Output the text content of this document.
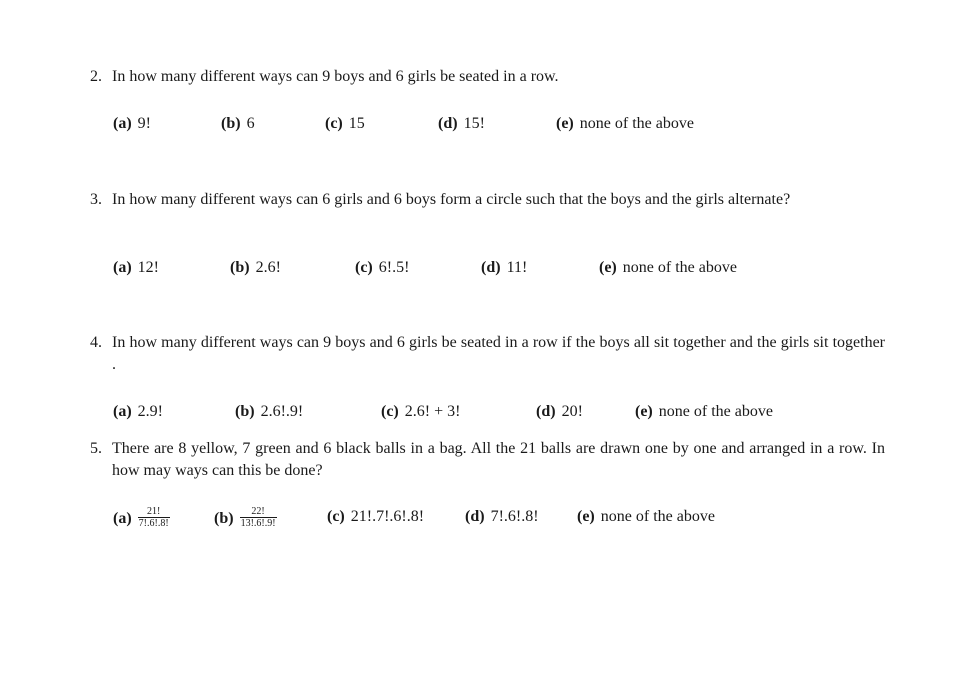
2. In how many different ways can 9 boys and 6 girls be seated in a row.
(a) 9!	(b) 6	(c) 15	(d) 15!	(e) none of the above
3. In how many different ways can 6 girls and 6 boys form a circle such that the boys and the girls alternate?
(a) 12!	(b) 2.6!	(c) 6!.5!	(d) 11!	(e) none of the above
4. In how many different ways can 9 boys and 6 girls be seated in a row if the boys all sit together and the girls sit together .
(a) 2.9!	(b) 2.6!.9!	(c) 2.6! + 3!	(d) 20!	(e) none of the above
5. There are 8 yellow, 7 green and 6 black balls in a bag. All the 21 balls are drawn one by one and arranged in a row. In how may ways can this be done?
$(a) \frac{21!}{7!.6!.8!}$	$(b) \frac{22!}{13!.6!.9!}$	(c) 21!.7!.6!.8!	(d) 7!.6!.8! (e) none of the above
